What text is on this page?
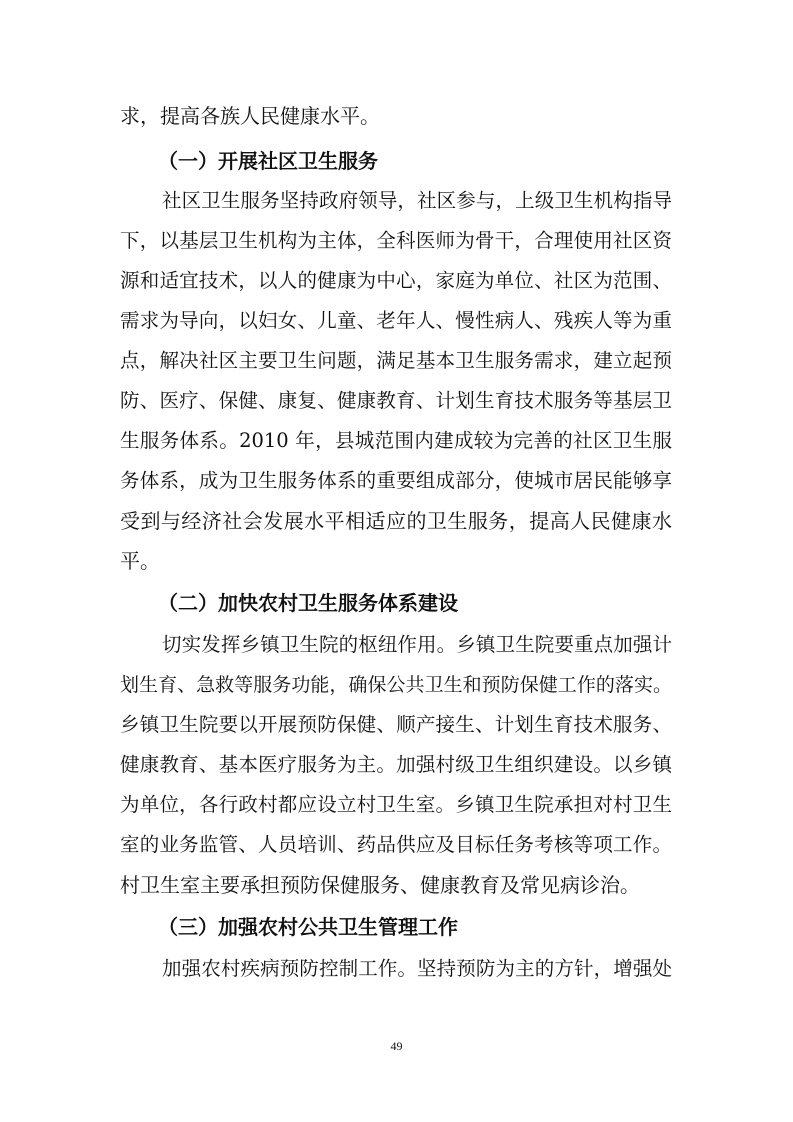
求，提高各族人民健康水平。
（一）开展社区卫生服务
社区卫生服务坚持政府领导，社区参与，上级卫生机构指导
下，以基层卫生机构为主体，全科医师为骨干，合理使用社区资
源和适宜技术，以人的健康为中心，家庭为单位、社区为范围、
需求为导向，以妇女、儿童、老年人、慢性病人、残疾人等为重
点，解决社区主要卫生问题，满足基本卫生服务需求，建立起预
防、医疗、保健、康复、健康教育、计划生育技术服务等基层卫
生服务体系。2010 年，县城范围内建成较为完善的社区卫生服
务体系，成为卫生服务体系的重要组成部分，使城市居民能够享
受到与经济社会发展水平相适应的卫生服务，提高人民健康水
平。
（二）加快农村卫生服务体系建设
切实发挥乡镇卫生院的枢纽作用。乡镇卫生院要重点加强计
划生育、急救等服务功能，确保公共卫生和预防保健工作的落实。
乡镇卫生院要以开展预防保健、顺产接生、计划生育技术服务、
健康教育、基本医疗服务为主。加强村级卫生组织建设。以乡镇
为单位，各行政村都应设立村卫生室。乡镇卫生院承担对村卫生
室的业务监管、人员培训、药品供应及目标任务考核等项工作。
村卫生室主要承担预防保健服务、健康教育及常见病诊治。
（三）加强农村公共卫生管理工作
加强农村疾病预防控制工作。坚持预防为主的方针，增强处
49
